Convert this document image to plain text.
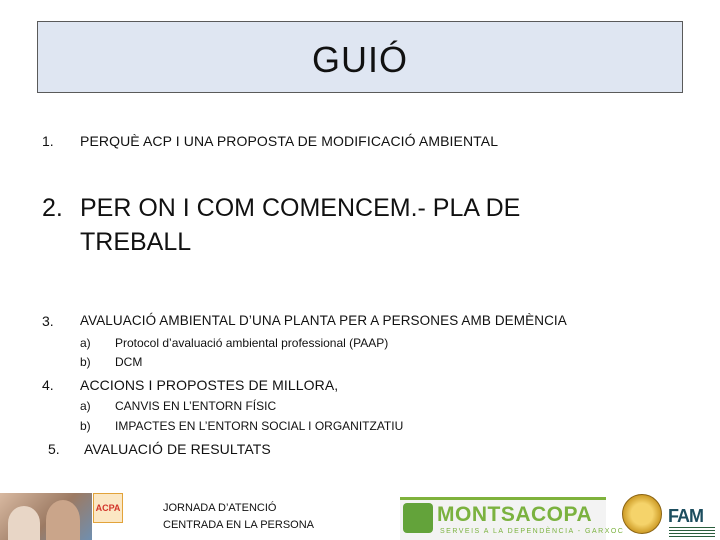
GUIÓ
1. PERQUÈ ACP I UNA PROPOSTA DE MODIFICACIÓ AMBIENTAL
2. PER ON I COM COMENCEM.- PLA DE
TREBALL
3. AVALUACIÓ AMBIENTAL D’UNA PLANTA PER A PERSONES AMB DEMÈNCIA
a) Protocol d’avaluació ambiental professional (PAAP)
b) DCM
4. ACCIONS I PROPOSTES DE MILLORA,
a) CANVIS EN L’ENTORN FÍSIC
b) IMPACTES EN L’ENTORN SOCIAL I ORGANITZATIU
5. AVALUACIÓ DE RESULTATS
ACPA	JORNADA D’ATENCIÓ
CENTRADA EN LA PERSONA	MONTSACOPA
SERVEIS A LA DEPENDÈNCIA - GARXOC
FAM
